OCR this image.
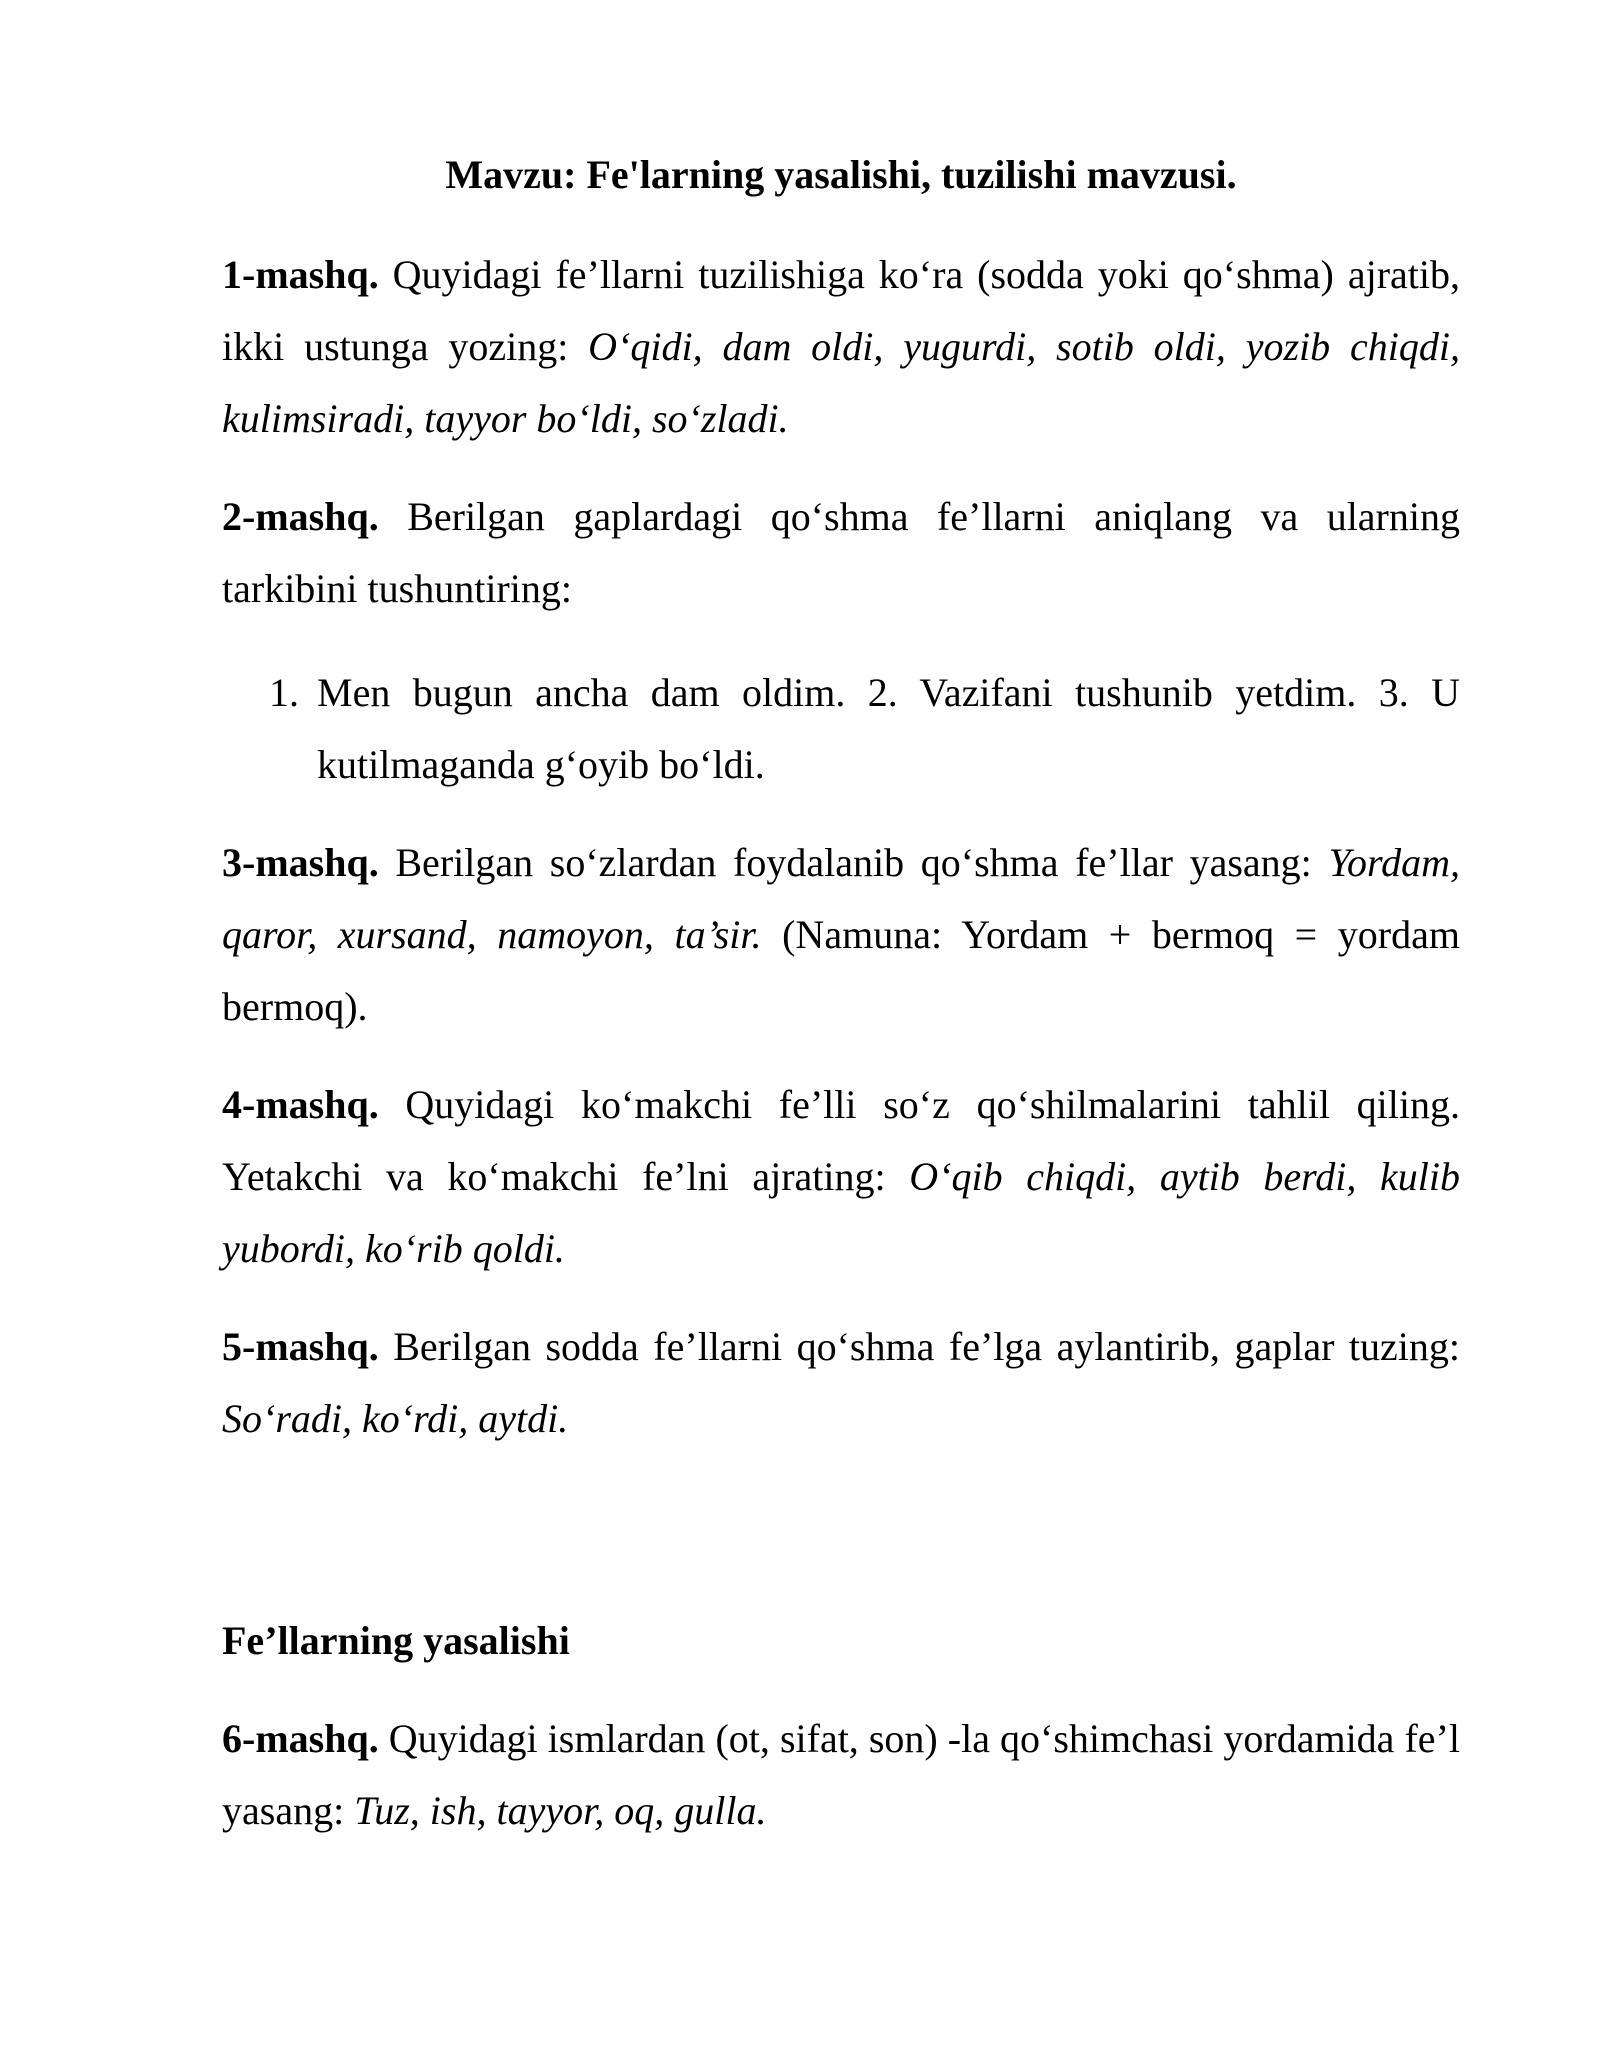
Mavzu: Fe'larning yasalishi, tuzilishi mavzusi.

1-mashq. Quyidagi fe’llarni tuzilishiga ko‘ra (sodda yoki qo‘shma) ajratib, ikki ustunga yozing: O‘qidi, dam oldi, yugurdi, sotib oldi, yozib chiqdi, kulimsiradi, tayyor bo‘ldi, so‘zladi.

2-mashq. Berilgan gaplardagi qo‘shma fe’llarni aniqlang va ularning tarkibini tushuntiring:

1. Men bugun ancha dam oldim. 2. Vazifani tushunib yetdim. 3. U kutilmaganda g‘oyib bo‘ldi.

3-mashq. Berilgan so‘zlardan foydalanib qo‘shma fe’llar yasang: Yordam, qaror, xursand, namoyon, ta’sir. (Namuna: Yordam + bermoq = yordam bermoq).

4-mashq. Quyidagi ko‘makchi fe’lli so‘z qo‘shilmalarini tahlil qiling. Yetakchi va ko‘makchi fe’lni ajrating: O‘qib chiqdi, aytib berdi, kulib yubordi, ko‘rib qoldi.

5-mashq. Berilgan sodda fe’llarni qo‘shma fe’lga aylantirib, gaplar tuzing: So‘radi, ko‘rdi, aytdi.

Fe’llarning yasalishi

6-mashq. Quyidagi ismlardan (ot, sifat, son) -la qo‘shimchasi yordamida fe’l yasang: Tuz, ish, tayyor, oq, gulla.
